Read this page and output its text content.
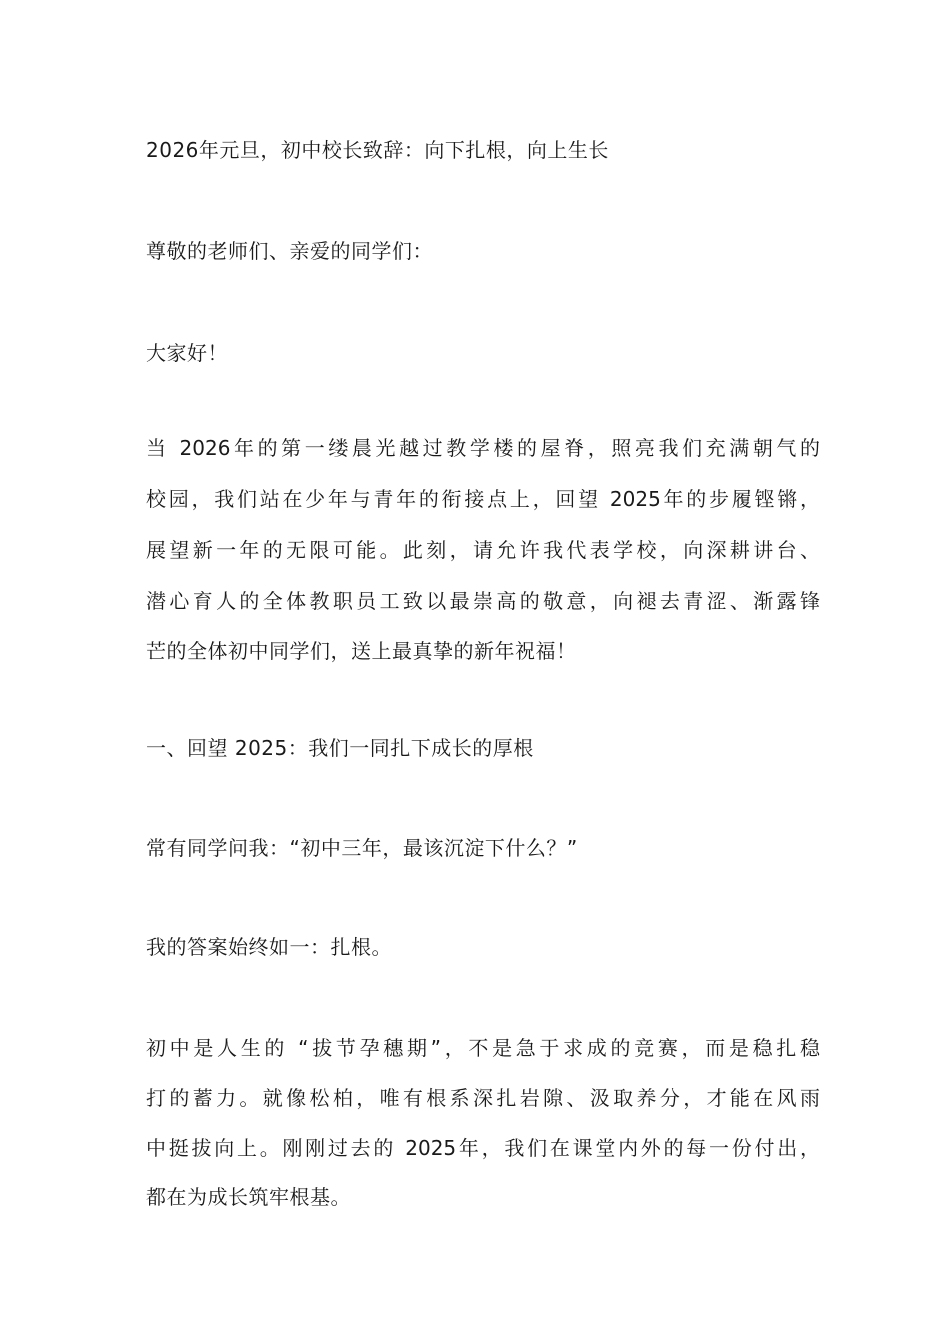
2026年元旦，初中校长致辞：向下扎根，向上生长
尊敬的老师们、亲爱的同学们：
大家好！
当 2026年的第一缕晨光越过教学楼的屋脊，照亮我们充满朝气的
校园，我们站在少年与青年的衔接点上，回望 2025年的步履铿锵，
展望新一年的无限可能。此刻，请允许我代表学校，向深耕讲台、
潜心育人的全体教职员工致以最崇高的敬意，向褪去青涩、渐露锋
芒的全体初中同学们，送上最真挚的新年祝福！
一、回望 2025：我们一同扎下成长的厚根
常有同学问我：“初中三年，最该沉淀下什么？”
我的答案始终如一：扎根。
初中是人生的 “拔节孕穗期”，不是急于求成的竞赛，而是稳扎稳
打的蓄力。就像松柏，唯有根系深扎岩隙、汲取养分，才能在风雨
中挺拔向上。刚刚过去的 2025年，我们在课堂内外的每一份付出，
都在为成长筑牢根基。
